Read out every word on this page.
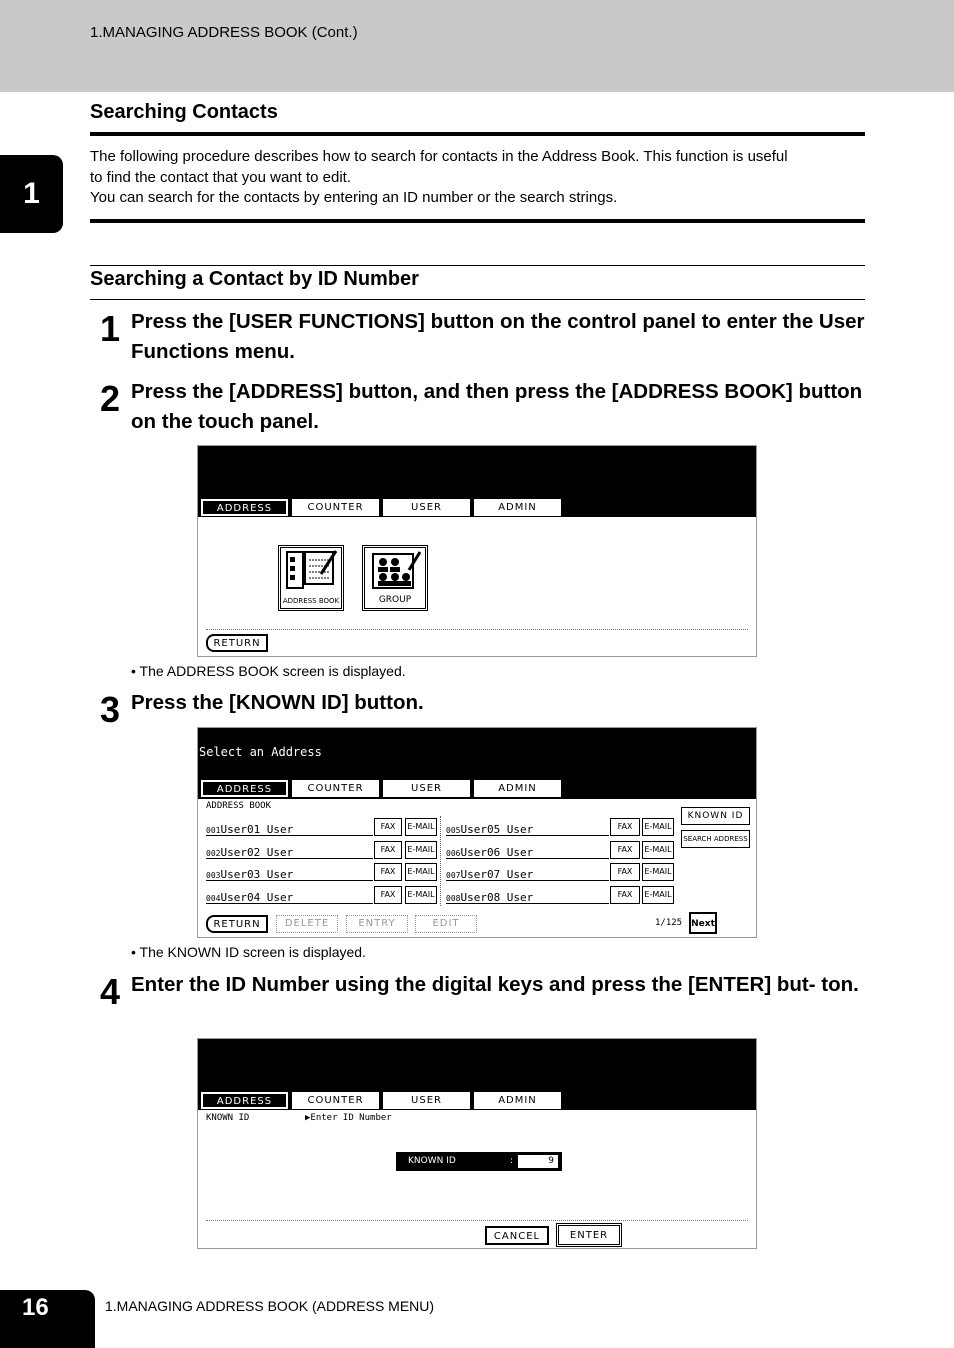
1.MANAGING ADDRESS BOOK (Cont.)
1
Searching Contacts
The following procedure describes how to search for contacts in the Address Book. This function is useful
to find the contact that you want to edit.
You can search for the contacts by entering an ID number or the search strings.
Searching a Contact by ID Number
1 Press the [USER FUNCTIONS] button on the control panel to enter the User Functions menu.
2 Press the [ADDRESS] button, and then press the [ADDRESS BOOK] button on the touch panel.
ADDRESS	COUNTER	USER	ADMIN
ADDRESS BOOK	GROUP
RETURN
• The ADDRESS BOOK screen is displayed.
3 Press the [KNOWN ID] button.
Select an Address
ADDRESS	COUNTER	USER	ADMIN
ADDRESS BOOK
001User01 User	FAX	E-MAIL
002User02 User	FAX	E-MAIL
003User03 User	FAX	E-MAIL
004User04 User	FAX	E-MAIL
005User05 User	FAX	E-MAIL
006User06 User	FAX	E-MAIL
007User07 User	FAX	E-MAIL
008User08 User	FAX	E-MAIL
KNOWN ID
SEARCH ADDRESS
RETURN	DELETE	ENTRY	EDIT	1/125 Next
• The KNOWN ID screen is displayed.
4 Enter the ID Number using the digital keys and press the [ENTER] but- ton.
ADDRESS	COUNTER	USER	ADMIN
KNOWN ID	▶Enter ID Number
KNOWN ID	:	9
CANCEL	ENTER
16	1.MANAGING ADDRESS BOOK (ADDRESS MENU)
